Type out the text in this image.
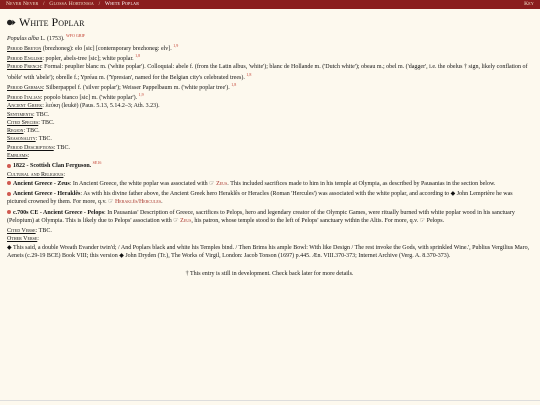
Never Never / Glossa Hortensia / White Poplar	Key
White Poplar

Populus alba L. (1753). $^{WFO GBIF}$

Period Breton (brezhoneg): elo [sic] [contemporary brezhoneg: elv]. $^{1,9}$

Period English: popler, abels-tree [sic]; white poplar. $^{1,8}$

Period French: Formal: peuplier blanc m. ('white poplar'). Colloquial: abele f. (from the Latin albus, 'white'); blanc de Hollande m. ('Dutch white'); obeau m.; obel m. ('dagger', i.e. the obelus † sign, likely conflation of 'obèle' with 'abele'); obrelle f.; Ypréau m. ('Ypresian', named for the Belgian city's celebrated trees). $^{1,8}$

Period German: Silberpappel f. ('silver poplar'); Weisser Pappelbaum m. ('white poplar tree'). $^{1,8}$

Period Italian: popolo bianco [sic] m. ('white poplar'). $^{1,9}$

Ancient Greek: λεύκη (leukē) (Paus. 5.13, 5.14.2–3; Ath. 3.23).

Sentiments: TBC.

Cited Species: TBC.

Region: TBC.

Seasonality: TBC.

Period Descriptions: TBC.

Emblems:

1822 - Scottish Clan Ferguson. $^{SE16}$

Cultural and Religious:

Ancient Greece - Zeus: In Ancient Greece, the white poplar was associated with ☞ Zeus. This included sacrifices made to him in his temple at Olympia, as described by Pausanias in the section below.

Ancient Greece - Heraklês: As with his divine father above, the Ancient Greek hero Heraklês or Heracles (Roman 'Hercules') was associated with the white poplar, and according to ◆ John Lemprière he was pictured crowned by them. For more, q.v. ☞ Heraklês/Hercules.

c.700s CE - Ancient Greece - Pelops: In Pausanias' Description of Greece, sacrifices to Pelops, hero and legendary creator of the Olympic Games, were ritually burned with white poplar wood in his sanctuary (Pelopium) at Olympia. This is likely due to Pelops' association with ☞ Zeus, his patron, whose temple stood to the left of Pelops' sanctuary within the Altis. For more, q.v. ☞ Pelops.

Cited Verse: TBC.

Other Verse:

◆ This said, a double Wreath Evander twin'd; / And Poplars black and white his Temples bind. / Then Brims his ample Bowl: With like Design / The rest invoke the Gods, with sprinkled Wine.', Publius Vergilius Maro, Aeneis (c.29-19 BCE) Book VIII; this version ◆ John Dryden (Tr.), The Works of Virgil, London: Jacob Tonson (1697) p.445. Æn. VIII.370-373; Internet Archive (Verg. A. 8.370-373).

† This entry is still in development. Check back later for more details.
